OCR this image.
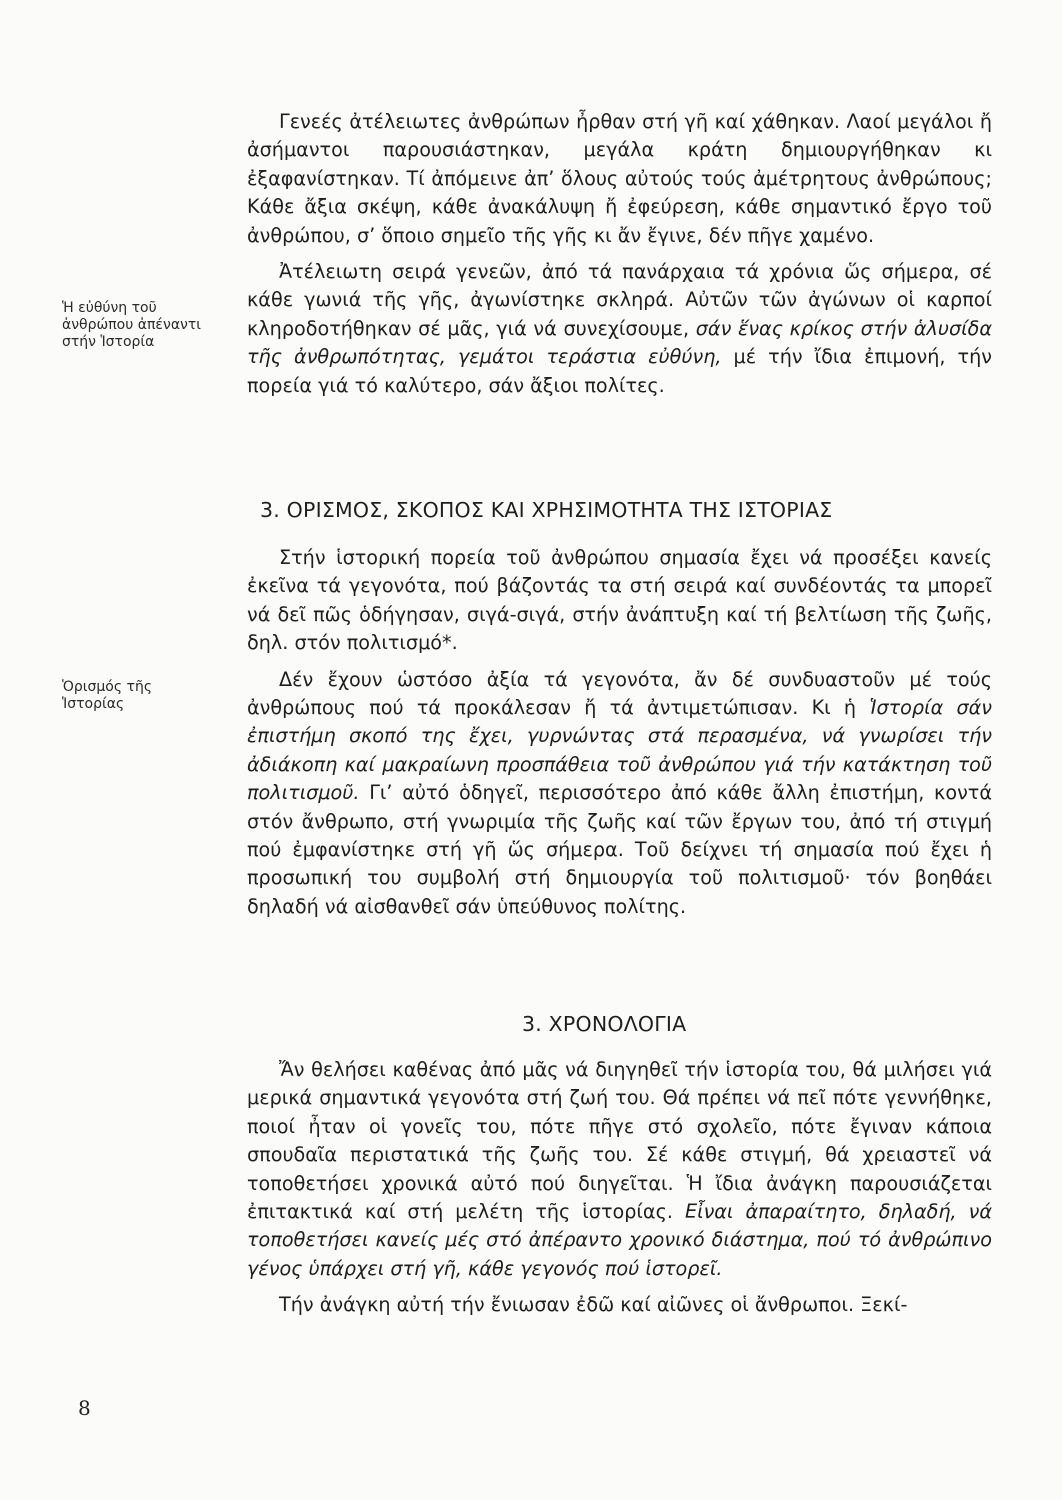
Ἡ εὐθύνη τοῦ ἀνθρώπου ἀπέναντι στήν Ἱστορία
Ὁρισμός τῆς Ἱστορίας

Γενεές ἀτέλειωτες ἀνθρώπων ἦρθαν στή γῆ καί χάθηκαν. Λαοί μεγάλοι ἤ ἀσήμαντοι παρουσιάστηκαν, μεγάλα κράτη δημιουργήθηκαν κι ἐξαφανίστηκαν. Τί ἀπόμεινε ἀπ’ ὅλους αὐτούς τούς ἀμέτρητους ἀνθρώπους; Κάθε ἄξια σκέψη, κάθε ἀνακάλυψη ἤ ἐφεύρεση, κάθε σημαντικό ἔργο τοῦ ἀνθρώπου, σ’ ὅποιο σημεῖο τῆς γῆς κι ἄν ἔγινε, δέν πῆγε χαμένο.

Ἀτέλειωτη σειρά γενεῶν, ἀπό τά πανάρχαια τά χρόνια ὥς σήμερα, σέ κάθε γωνιά τῆς γῆς, ἀγωνίστηκε σκληρά. Αὐτῶν τῶν ἀγώνων οἱ καρποί κληροδοτήθηκαν σέ μᾶς, γιά νά συνεχίσουμε, σάν ἕνας κρίκος στήν ἁλυσίδα τῆς ἀνθρωπότητας, γεμάτοι τεράστια εὐθύνη, μέ τήν ἴδια ἐπιμονή, τήν πορεία γιά τό καλύτερο, σάν ἄξιοι πολίτες.

3. ΟΡΙΣΜΟΣ, ΣΚΟΠΟΣ ΚΑΙ ΧΡΗΣΙΜΟΤΗΤΑ ΤΗΣ ΙΣΤΟΡΙΑΣ

Στήν ἱστορική πορεία τοῦ ἀνθρώπου σημασία ἔχει νά προσέξει κανείς ἐκεῖνα τά γεγονότα, πού βάζοντάς τα στή σειρά καί συνδέοντάς τα μπορεῖ νά δεῖ πῶς ὁδήγησαν, σιγά-σιγά, στήν ἀνάπτυξη καί τή βελτίωση τῆς ζωῆς, δηλ. στόν πολιτισμό*.

Δέν ἔχουν ὡστόσο ἀξία τά γεγονότα, ἄν δέ συνδυαστοῦν μέ τούς ἀνθρώπους πού τά προκάλεσαν ἤ τά ἀντιμετώπισαν. Κι ἡ Ἱστορία σάν ἐπιστήμη σκοπό της ἔχει, γυρνώντας στά περασμένα, νά γνωρίσει τήν ἀδιάκοπη καί μακραίωνη προσπάθεια τοῦ ἀνθρώπου γιά τήν κατάκτηση τοῦ πολιτισμοῦ. Γι’ αὐτό ὁδηγεῖ, περισσότερο ἀπό κάθε ἄλλη ἐπιστήμη, κοντά στόν ἄνθρωπο, στή γνωριμία τῆς ζωῆς καί τῶν ἔργων του, ἀπό τή στιγμή πού ἐμφανίστηκε στή γῆ ὥς σήμερα. Τοῦ δείχνει τή σημασία πού ἔχει ἡ προσωπική του συμβολή στή δημιουργία τοῦ πολιτισμοῦ· τόν βοηθάει δηλαδή νά αἰσθανθεῖ σάν ὑπεύθυνος πολίτης.

3. ΧΡΟΝΟΛΟΓΙΑ

Ἄν θελήσει καθένας ἀπό μᾶς νά διηγηθεῖ τήν ἱστορία του, θά μιλήσει γιά μερικά σημαντικά γεγονότα στή ζωή του. Θά πρέπει νά πεῖ πότε γεννήθηκε, ποιοί ἦταν οἱ γονεῖς του, πότε πῆγε στό σχολεῖο, πότε ἔγιναν κάποια σπουδαῖα περιστατικά τῆς ζωῆς του. Σέ κάθε στιγμή, θά χρειαστεῖ νά τοποθετήσει χρονικά αὐτό πού διηγεῖται. Ἡ ἴδια ἀνάγκη παρουσιάζεται ἐπιτακτικά καί στή μελέτη τῆς ἱστορίας. Εἶναι ἀπαραίτητο, δηλαδή, νά τοποθετήσει κανείς μές στό ἀπέραντο χρονικό διάστημα, πού τό ἀνθρώπινο γένος ὑπάρχει στή γῆ, κάθε γεγονός πού ἱστορεῖ.

Τήν ἀνάγκη αὐτή τήν ἔνιωσαν ἐδῶ καί αἰῶνες οἱ ἄνθρωποι. Ξεκί-

8
